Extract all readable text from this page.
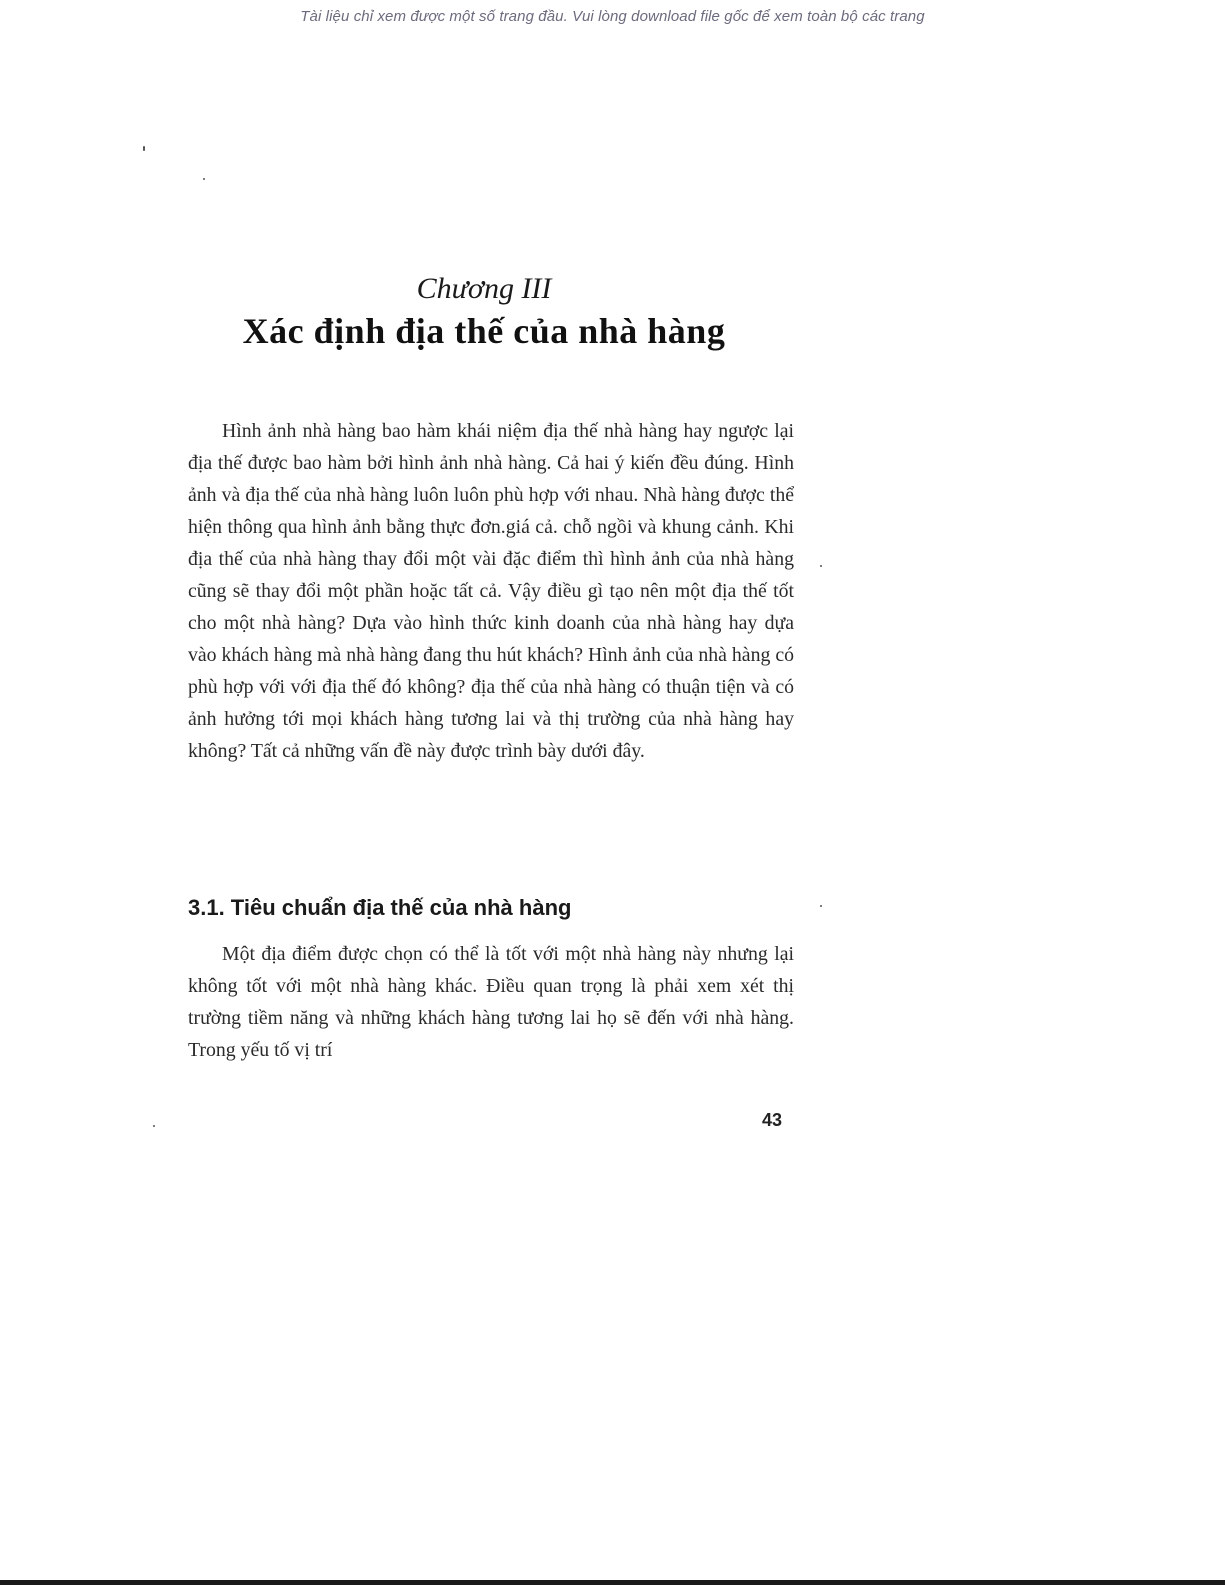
Tài liệu chỉ xem được một số trang đầu. Vui lòng download file gốc để xem toàn bộ các trang
Chương III
Xác định địa thế của nhà hàng

Hình ảnh nhà hàng bao hàm khái niệm địa thế nhà hàng hay ngược lại địa thế được bao hàm bởi hình ảnh nhà hàng. Cả hai ý kiến đều đúng. Hình ảnh và địa thế của nhà hàng luôn luôn phù hợp với nhau. Nhà hàng được thể hiện thông qua hình ảnh bằng thực đơn.giá cả. chỗ ngồi và khung cảnh. Khi địa thế của nhà hàng thay đổi một vài đặc điểm thì hình ảnh của nhà hàng cũng sẽ thay đổi một phần hoặc tất cả. Vậy điều gì tạo nên một địa thế tốt cho một nhà hàng? Dựa vào hình thức kinh doanh của nhà hàng hay dựa vào khách hàng mà nhà hàng đang thu hút khách? Hình ảnh của nhà hàng có phù hợp với với địa thế đó không? địa thế của nhà hàng có thuận tiện và có ảnh hưởng tới mọi khách hàng tương lai và thị trường của nhà hàng hay không? Tất cả những vấn đề này được trình bày dưới đây.

3.1. Tiêu chuẩn địa thế của nhà hàng

Một địa điểm được chọn có thể là tốt với một nhà hàng này nhưng lại không tốt với một nhà hàng khác. Điều quan trọng là phải xem xét thị trường tiềm năng và những khách hàng tương lai họ sẽ đến với nhà hàng. Trong yếu tố vị trí

43
